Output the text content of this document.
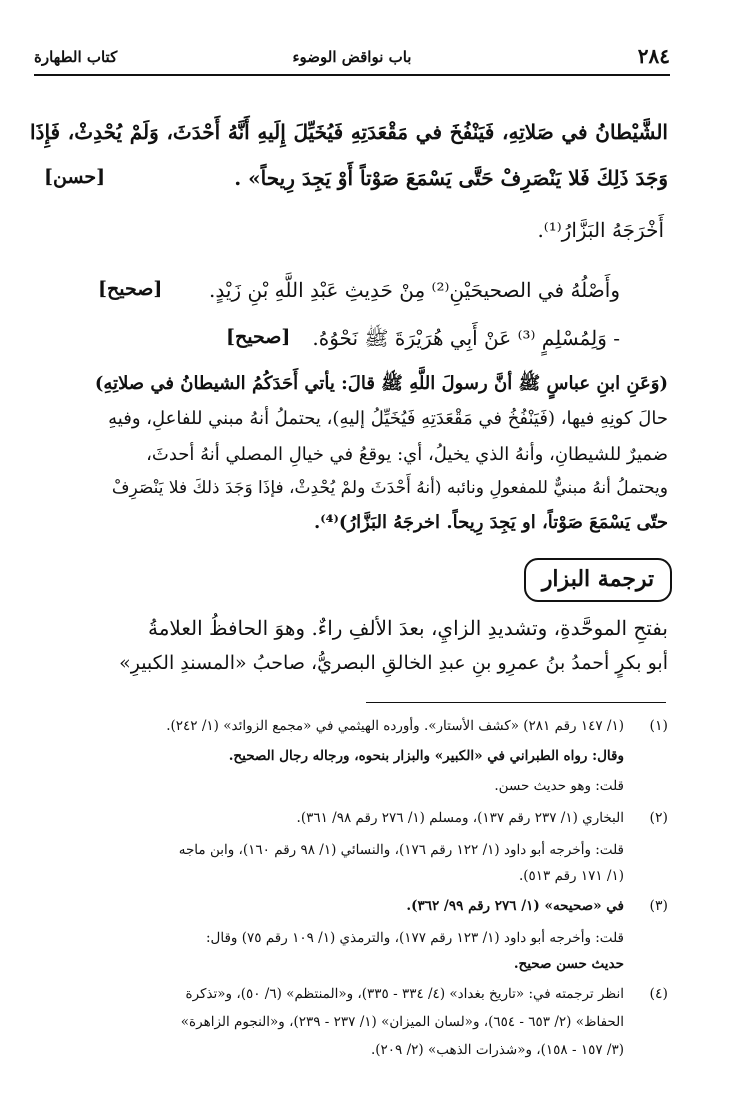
٢٨٤
باب نواقض الوضوء
كتاب الطهارة
الشَّيْطانُ في صَلاتِهِ، فَيَنْفُخَ في مَقْعَدَتِهِ فَيُخَيِّلَ إِلَيهِ أَنَّهُ أَحْدَثَ، وَلَمْ يُحْدِثْ، فَإِذَا
وَجَدَ ذَلِكَ فَلا يَنْصَرِفْ حَتَّى يَسْمَعَ صَوْتاً أَوْ يَجِدَ رِيحاً» .
[حسن]
أَخْرَجَهُ البَزَّارُ⁽¹⁾.
وأَصْلُهُ في الصحيحَيْنِ⁽²⁾ مِنْ حَدِيثِ عَبْدِ اللَّهِ بْنِ زَيْدٍ.
[صحيح]
- وَلِمُسْلِمٍ ⁽³⁾ عَنْ أَبِي هُرَيْرَةَ ﷺ نَحْوُهُ.
[صحيح]
(وَعَنِ ابنِ عباسٍ ﷺ أنَّ رسولَ اللَّهِ ﷺ قالَ: يأتي أَحَدَكُمُ الشيطانُ في صلاتِهِ)
حالَ كونِهِ فيها، (فَيَنْفُخُ في مَقْعَدَتِهِ فَيُخَيِّلُ إليهِ)، يحتملُ أنهُ مبني للفاعلِ، وفيهِ
ضميرٌ للشيطانِ، وأنهُ الذي يخيلُ، أي: يوقعُ في خيالِ المصلي أنهُ أحدثَ،
ويحتملُ أنهُ مبنيٌّ للمفعولِ ونائبه (أنهُ أَحْدَثَ ولمْ يُحْدِثْ، فإذَا وَجَدَ ذلكَ فلا يَنْصَرِفْ
حتّى يَسْمَعَ صَوْتاً، او يَجِدَ رِيحاً. اخرجَهُ البَزَّارُ)⁽⁴⁾.
ترجمة البزار
بفتحِ الموحَّدةِ، وتشديدِ الزايِ، بعدَ الألفِ راءٌ. وهوَ الحافظُ العلامةُ
أبو بكرٍ أحمدُ بنُ عمرِو بنِ عبدِ الخالقِ البصريُّ، صاحبُ «المسندِ الكبيرِ»
(١)
(١/ ١٤٧ رقم ٢٨١) «كشف الأستار». وأورده الهيثمي في «مجمع الزوائد» (١/ ٢٤٢).
وقال: رواه الطبراني في «الكبير» والبزار بنحوه، ورجاله رجال الصحيح.
قلت: وهو حديث حسن.
(٢)
البخاري (١/ ٢٣٧ رقم ١٣٧)، ومسلم (١/ ٢٧٦ رقم ٩٨/ ٣٦١).
قلت: وأخرجه أبو داود (١/ ١٢٢ رقم ١٧٦)، والنسائي (١/ ٩٨ رقم ١٦٠)، وابن ماجه
(١/ ١٧١ رقم ٥١٣).
(٣)
في «صحيحه» (١/ ٢٧٦ رقم ٩٩/ ٣٦٢).
قلت: وأخرجه أبو داود (١/ ١٢٣ رقم ١٧٧)، والترمذي (١/ ١٠٩ رقم ٧٥) وقال:
حديث حسن صحيح.
(٤)
انظر ترجمته في: «تاريخ بغداد» (٤/ ٣٣٤ - ٣٣٥)، و«المنتظم» (٦/ ٥٠)، و«تذكرة
الحفاظ» (٢/ ٦٥٣ - ٦٥٤)، و«لسان الميزان» (١/ ٢٣٧ - ٢٣٩)، و«النجوم الزاهرة»
(٣/ ١٥٧ - ١٥٨)، و«شذرات الذهب» (٢/ ٢٠٩).
